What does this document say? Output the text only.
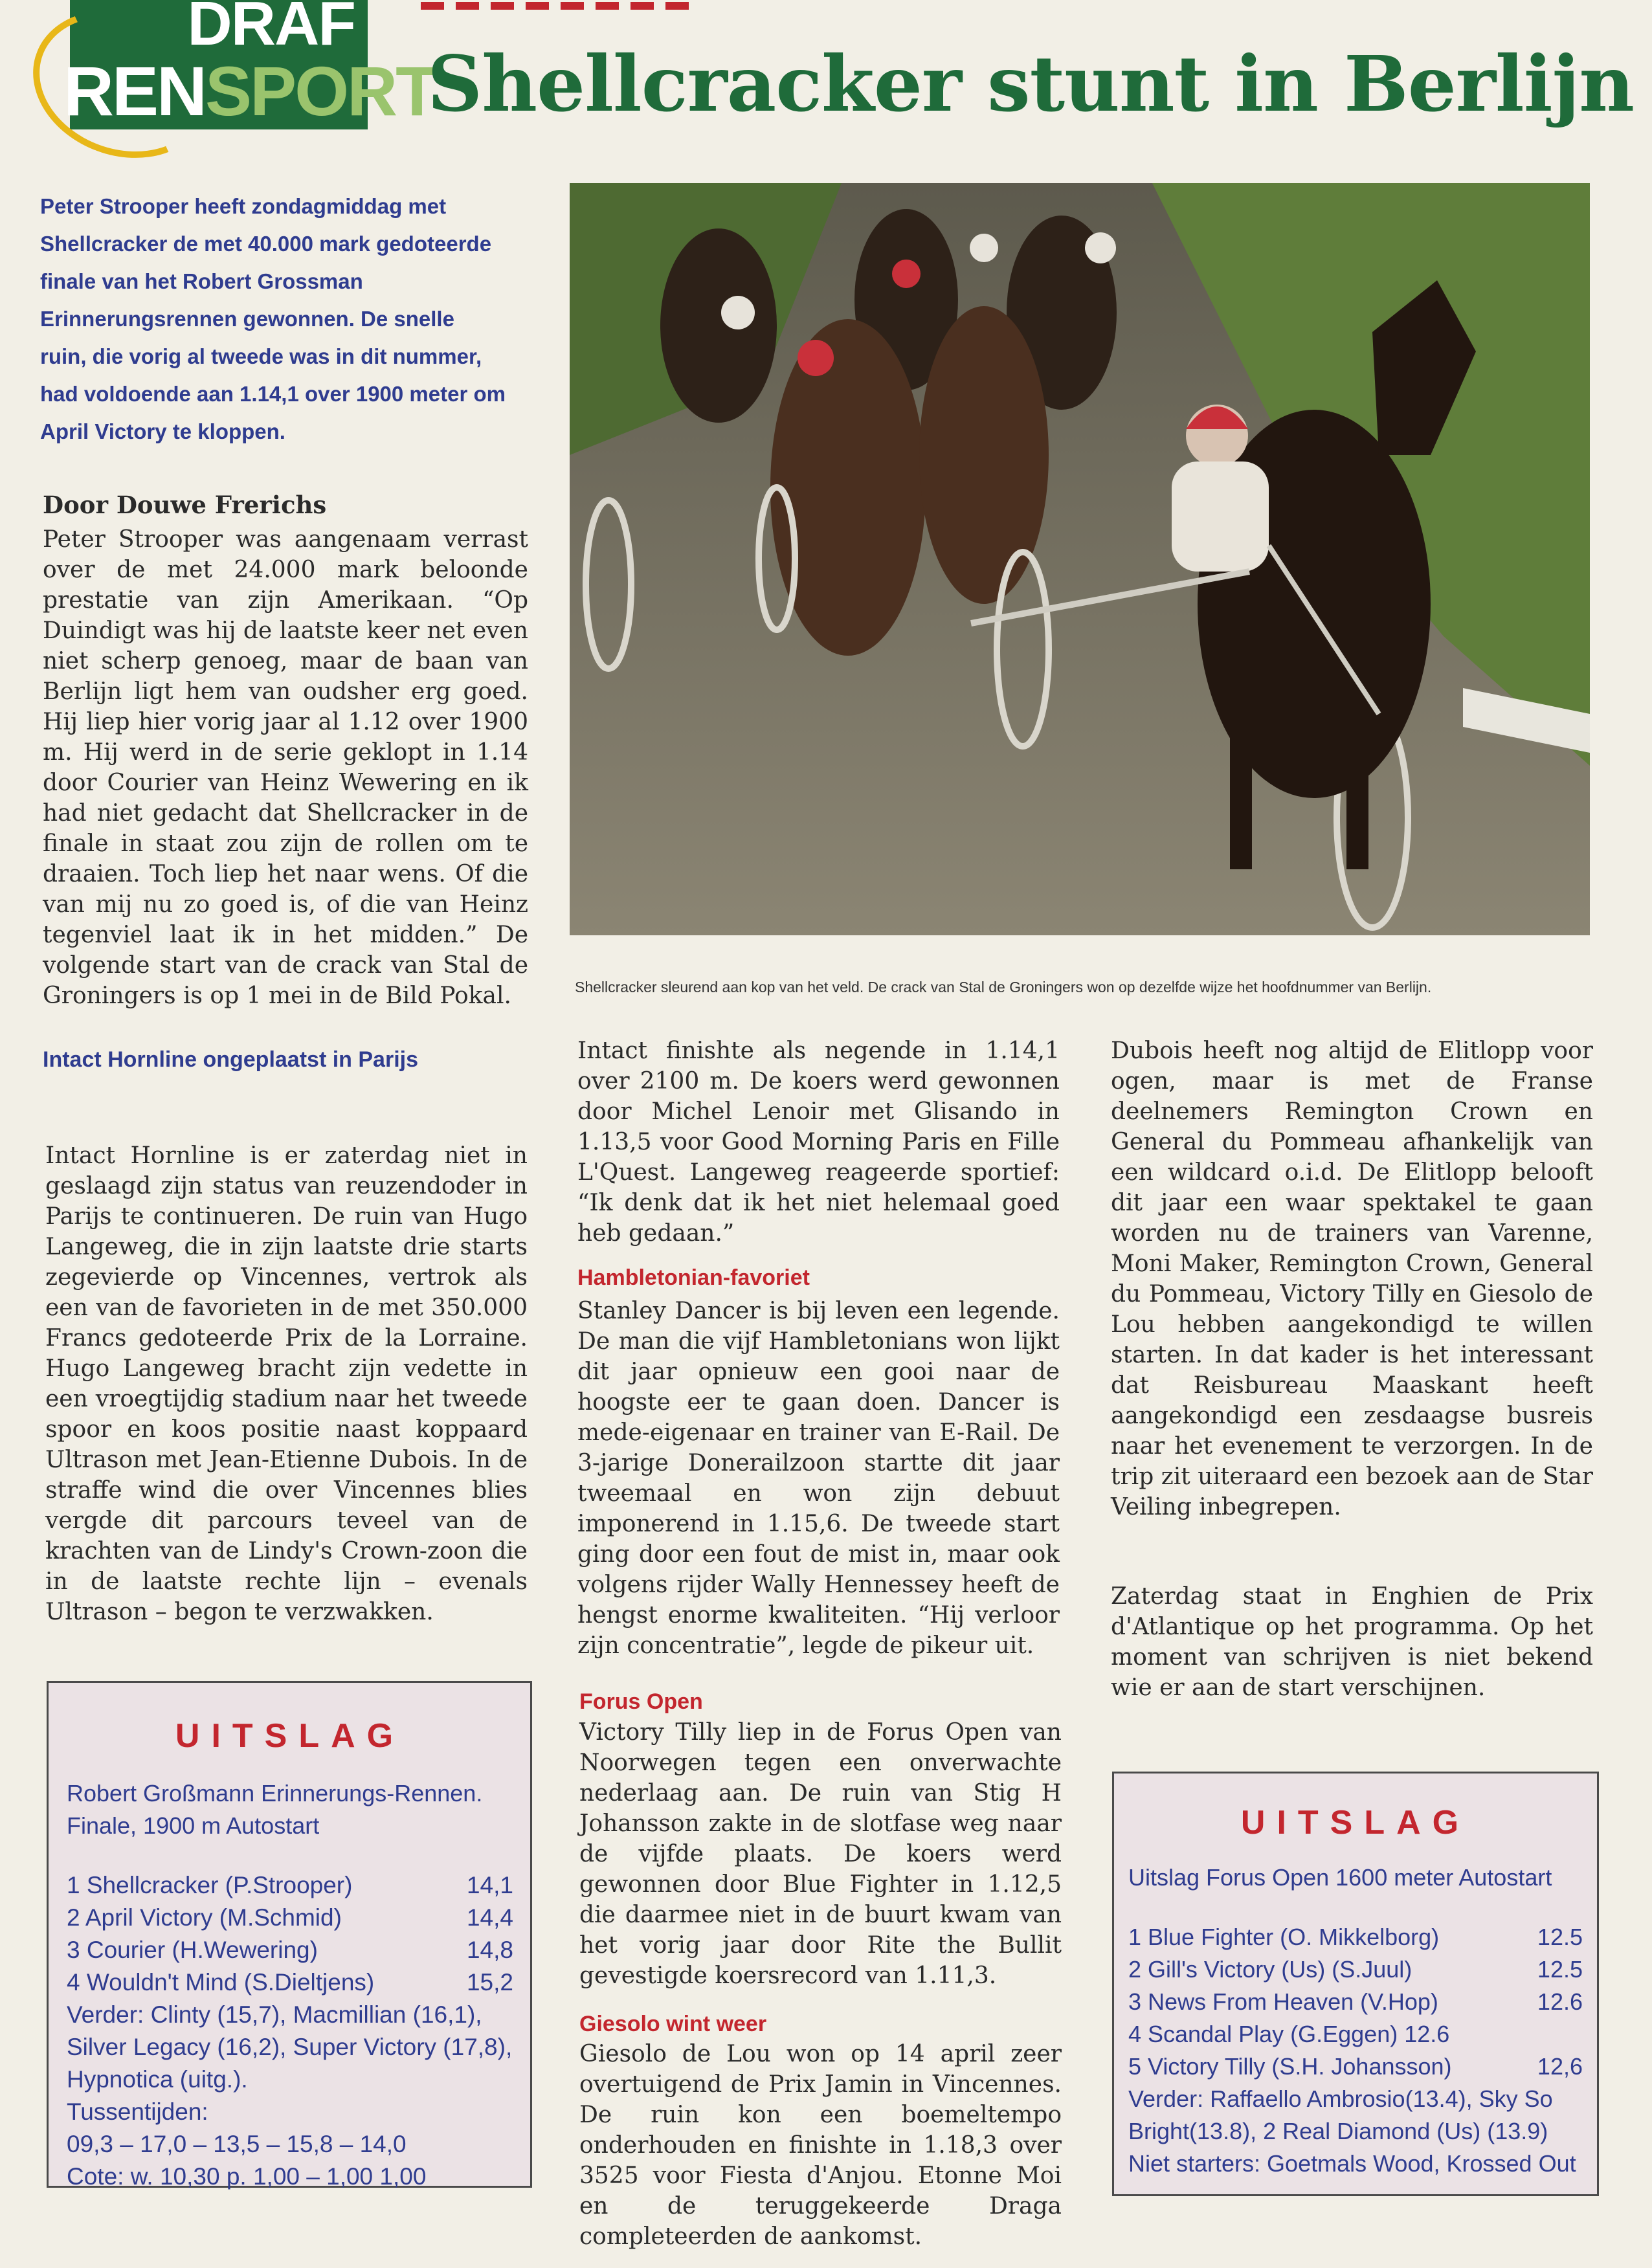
DRAF
RENSPORT
Shellcracker stunt in Berlijn
Peter Strooper heeft zondagmiddag met Shellcracker de met 40.000 mark gedoteerde finale van het Robert Grossman Erinnerungsrennen gewonnen. De snelle ruin, die vorig al tweede was in dit nummer, had voldoende aan 1.14,1 over 1900 meter om April Victory te kloppen.
Door Douwe Frerichs
Peter Strooper was aangenaam verrast over de met 24.000 mark beloonde prestatie van zijn Amerikaan. “Op Duindigt was hij de laatste keer net even niet scherp genoeg, maar de baan van Berlijn ligt hem van oudsher erg goed. Hij liep hier vorig jaar al 1.12 over 1900 m. Hij werd in de serie geklopt in 1.14 door Courier van Heinz Wewering en ik had niet gedacht dat Shellcracker in de finale in staat zou zijn de rollen om te draaien. Toch liep het naar wens. Of die van mij nu zo goed is, of die van Heinz tegenviel laat ik in het midden.” De volgende start van de crack van Stal de Groningers is op 1 mei in de Bild Pokal.	Shellcracker sleurend aan kop van het veld. De crack van Stal de Groningers won op dezelfde wijze het hoofdnummer van Berlijn.
Intact Hornline ongeplaatst in Parijs
Intact Hornline is er zaterdag niet in geslaagd zijn status van reuzendoder in Parijs te continueren. De ruin van Hugo Langeweg, die in zijn laatste drie starts zegevierde op Vincennes, vertrok als een van de favorieten in de met 350.000 Francs gedoteerde Prix de la Lorraine. Hugo Langeweg bracht zijn vedette in een vroegtijdig stadium naar het tweede spoor en koos positie naast koppaard Ultrason met Jean-Etienne Dubois. In de straffe wind die over Vincennes blies vergde dit parcours teveel van de krachten van de Lindy's Crown-zoon die in de laatste rechte lijn – evenals Ultrason – begon te verzwakken.
Intact finishte als negende in 1.14,1 over 2100 m. De koers werd gewonnen door Michel Lenoir met Glisando in 1.13,5 voor Good Morning Paris en Fille L'Quest. Langeweg reageerde sportief: “Ik denk dat ik het niet helemaal goed heb gedaan.”
Hambletonian-favoriet
Stanley Dancer is bij leven een legende. De man die vijf Hambletonians won lijkt dit jaar opnieuw een gooi naar de hoogste eer te gaan doen. Dancer is mede-eigenaar en trainer van E-Rail. De 3-jarige Donerailzoon startte dit jaar tweemaal en won zijn debuut imponerend in 1.15,6. De tweede start ging door een fout de mist in, maar ook volgens rijder Wally Hennessey heeft de hengst enorme kwaliteiten. “Hij verloor zijn concentratie”, legde de pikeur uit.
Forus Open
Victory Tilly liep in de Forus Open van Noorwegen tegen een onverwachte nederlaag aan. De ruin van Stig H Johansson zakte in de slotfase weg naar de vijfde plaats. De koers werd gewonnen door Blue Fighter in 1.12,5 die daarmee niet in de buurt kwam van het vorig jaar door Rite the Bullit gevestigde koersrecord van 1.11,3.
Giesolo wint weer
Giesolo de Lou won op 14 april zeer overtuigend de Prix Jamin in Vincennes. De ruin kon een boemeltempo onderhouden en finishte in 1.18,3 over 3525 voor Fiesta d'Anjou. Etonne Moi en de teruggekeerde Draga completeerden de aankomst.
Dubois heeft nog altijd de Elitlopp voor ogen, maar is met de Franse deelnemers Remington Crown en General du Pommeau afhankelijk van een wildcard o.i.d. De Elitlopp belooft dit jaar een waar spektakel te gaan worden nu de trainers van Varenne, Moni Maker, Remington Crown, General du Pommeau, Victory Tilly en Giesolo de Lou hebben aangekondigd te willen starten. In dat kader is het interessant dat Reisbureau Maaskant heeft aangekondigd een zesdaagse busreis naar het evenement te verzorgen. In de trip zit uiteraard een bezoek aan de Star Veiling inbegrepen.
Zaterdag staat in Enghien de Prix d'Atlantique op het programma. Op het moment van schrijven is niet bekend wie er aan de start verschijnen.
UITSLAG
Robert Großmann Erinnerungs-Rennen. Finale, 1900 m Autostart
1 Shellcracker (P.Strooper)	14,1
2 April Victory (M.Schmid)	14,4
3 Courier (H.Wewering)	14,8
4 Wouldn't Mind (S.Dieltjens)	15,2
Verder: Clinty (15,7), Macmillian (16,1), Silver Legacy (16,2), Super Victory (17,8), Hypnotica (uitg.).
Tussentijden:
09,3 – 17,0 – 13,5 – 15,8 – 14,0
Cote: w. 10,30 p. 1,00 – 1,00 1,00
UITSLAG
Uitslag Forus Open 1600 meter Autostart
1 Blue Fighter (O. Mikkelborg)	12.5
2 Gill's Victory (Us) (S.Juul)	12.5
3 News From Heaven (V.Hop)	12.6
4 Scandal Play (G.Eggen) 12.6
5 Victory Tilly (S.H. Johansson)	12,6
Verder: Raffaello Ambrosio(13.4), Sky So Bright(13.8), 2 Real Diamond (Us) (13.9)
Niet starters: Goetmals Wood, Krossed Out
